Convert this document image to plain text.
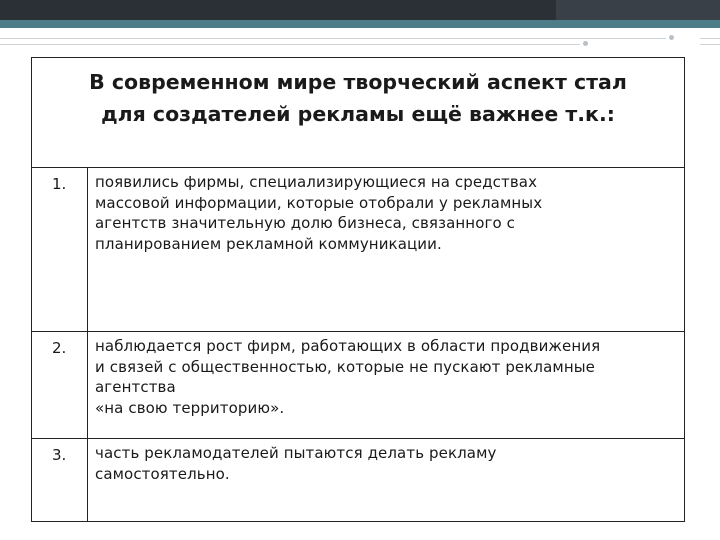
В современном мире творческий аспект стал
для создателей рекламы ещё важнее т.к.:
1.	появились фирмы, специализирующиеся на средствах
массовой информации, которые отобрали у рекламных
агентств значительную долю бизнеса, связанного с
планированием рекламной коммуникации.
2.	наблюдается рост фирм, работающих в области продвижения
и связей с общественностью, которые не пускают рекламные
агентства
«на свою территорию».
3.	часть рекламодателей пытаются делать рекламу
самостоятельно.
